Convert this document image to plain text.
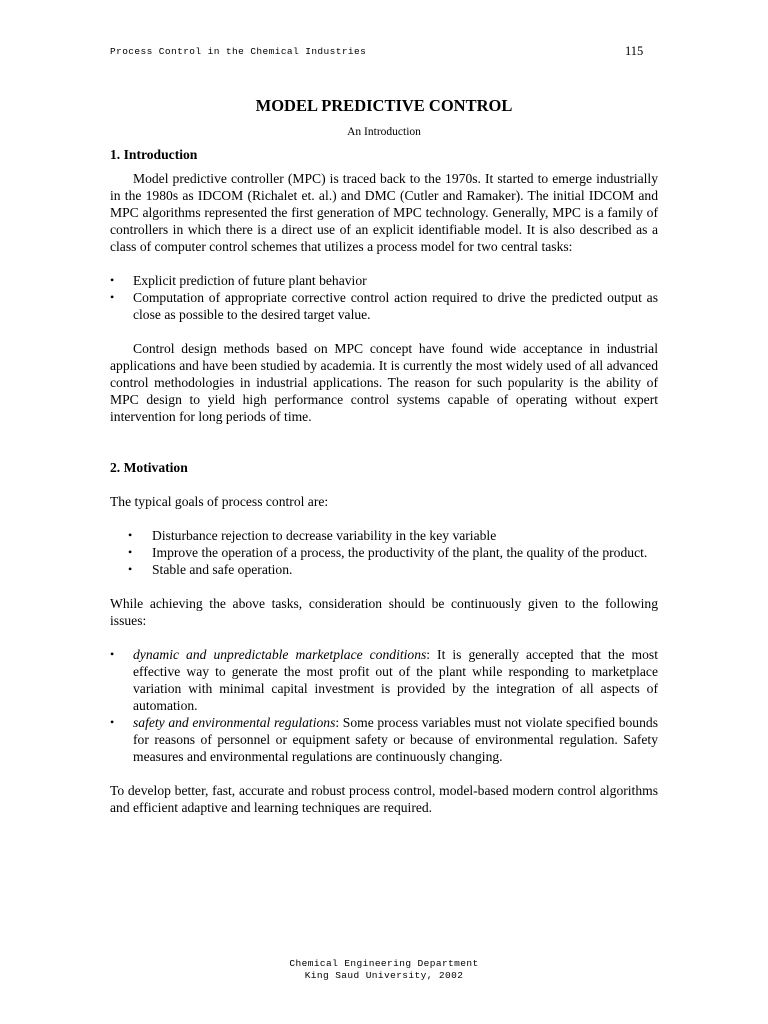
Process Control in the Chemical Industries	115
MODEL PREDICTIVE CONTROL
An Introduction

1. Introduction

Model predictive controller (MPC) is traced back to the 1970s. It started to emerge industrially in the 1980s as IDCOM (Richalet et. al.) and DMC (Cutler and Ramaker). The initial IDCOM and MPC algorithms represented the first generation of MPC technology. Generally, MPC is a family of controllers in which there is a direct use of an explicit identifiable model. It is also described as a class of computer control schemes that utilizes a process model for two central tasks:

• Explicit prediction of future plant behavior
• Computation of appropriate corrective control action required to drive the predicted output as close as possible to the desired target value.

Control design methods based on MPC concept have found wide acceptance in industrial applications and have been studied by academia. It is currently the most widely used of all advanced control methodologies in industrial applications. The reason for such popularity is the ability of MPC design to yield high performance control systems capable of operating without expert intervention for long periods of time.

2. Motivation

The typical goals of process control are:

• Disturbance rejection to decrease variability in the key variable
• Improve the operation of a process, the productivity of the plant, the quality of the product.
• Stable and safe operation.

While achieving the above tasks, consideration should be continuously given to the following issues:

• dynamic and unpredictable marketplace conditions: It is generally accepted that the most effective way to generate the most profit out of the plant while responding to marketplace variation with minimal capital investment is provided by the integration of all aspects of automation.
• safety and environmental regulations: Some process variables must not violate specified bounds for reasons of personnel or equipment safety or because of environmental regulation. Safety measures and environmental regulations are continuously changing.

To develop better, fast, accurate and robust process control, model-based modern control algorithms and efficient adaptive and learning techniques are required.

Chemical Engineering Department
King Saud University, 2002
